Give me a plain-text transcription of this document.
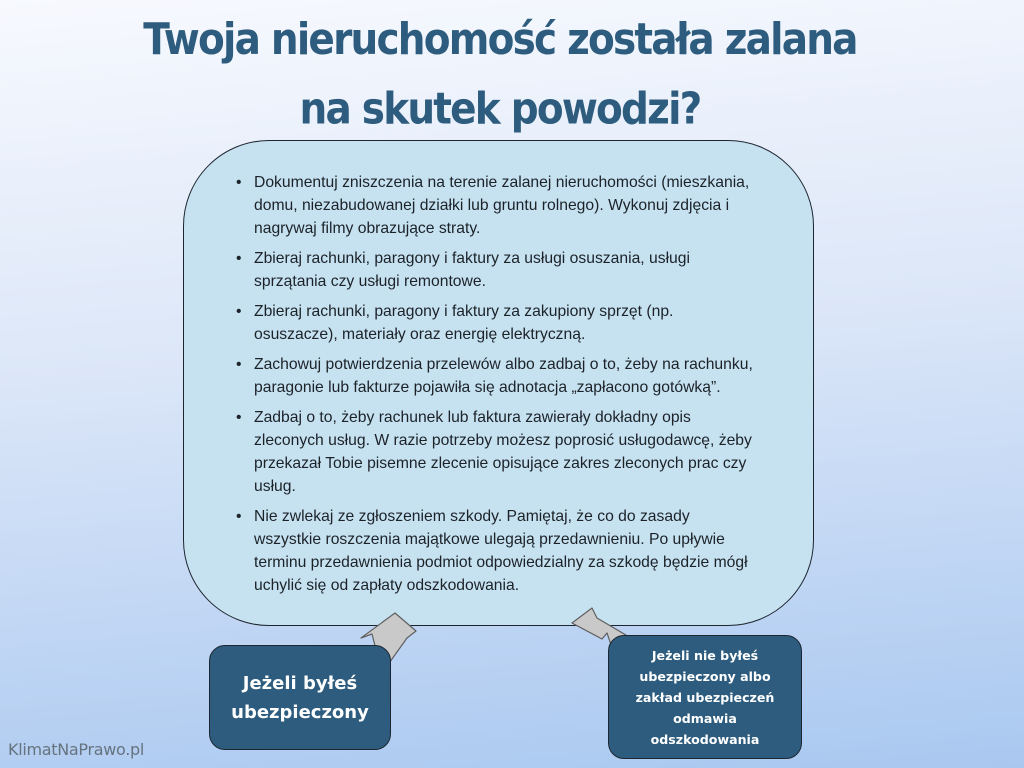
Twoja nieruchomość została zalana
na skutek powodzi?
• Dokumentuj zniszczenia na terenie zalanej nieruchomości (mieszkania, domu, niezabudowanej działki lub gruntu rolnego). Wykonuj zdjęcia i nagrywaj filmy obrazujące straty.
• Zbieraj rachunki, paragony i faktury za usługi osuszania, usługi sprzątania czy usługi remontowe.
• Zbieraj rachunki, paragony i faktury za zakupiony sprzęt (np. osuszacze), materiały oraz energię elektryczną.
• Zachowuj potwierdzenia przelewów albo zadbaj o to, żeby na rachunku, paragonie lub fakturze pojawiła się adnotacja „zapłacono gotówką”.
• Zadbaj o to, żeby rachunek lub faktura zawierały dokładny opis zleconych usług. W razie potrzeby możesz poprosić usługodawcę, żeby przekazał Tobie pisemne zlecenie opisujące zakres zleconych prac czy usług.
• Nie zwlekaj ze zgłoszeniem szkody. Pamiętaj, że co do zasady wszystkie roszczenia majątkowe ulegają przedawnieniu. Po upływie terminu przedawnienia podmiot odpowiedzialny za szkodę będzie mógł uchylić się od zapłaty odszkodowania.
Jeżeli byłeś ubezpieczony
Jeżeli nie byłeś ubezpieczony albo zakład ubezpieczeń odmawia odszkodowania
KlimatNaPrawo.pl
